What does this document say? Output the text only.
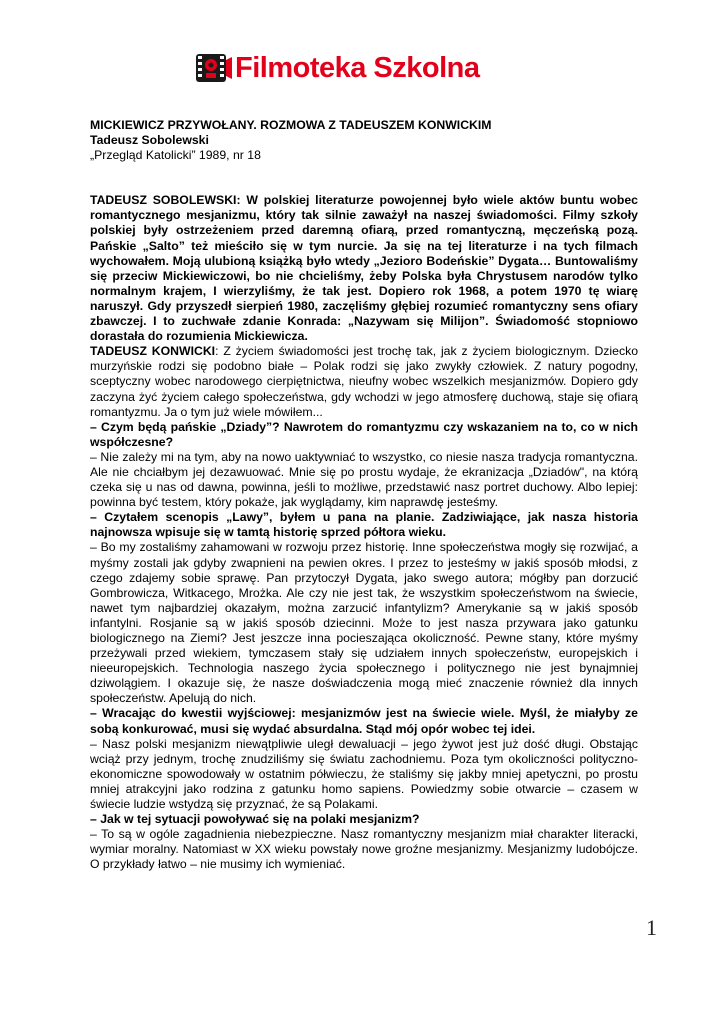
Filmoteka Szkolna
MICKIEWICZ PRZYWOŁANY. ROZMOWA Z TADEUSZEM KONWICKIM
Tadeusz Sobolewski
„Przegląd Katolicki” 1989, nr 18

TADEUSZ SOBOLEWSKI: W polskiej literaturze powojennej było wiele aktów buntu wobec romantycznego mesjanizmu, który tak silnie zaważył na naszej świadomości. Filmy szkoły polskiej były ostrzeżeniem przed daremną ofiarą, przed romantyczną, męczeńską pozą. Pańskie „Salto” też mieściło się w tym nurcie. Ja się na tej literaturze i na tych filmach wychowałem. Moją ulubioną książką było wtedy „Jezioro Bodeńskie” Dygata… Buntowaliśmy się przeciw Mickiewiczowi, bo nie chcieliśmy, żeby Polska była Chrystusem narodów tylko normalnym krajem, I wierzyliśmy, że tak jest. Dopiero rok 1968, a potem 1970 tę wiarę naruszył. Gdy przyszedł sierpień 1980, zaczęliśmy głębiej rozumieć romantyczny sens ofiary zbawczej. I to zuchwałe zdanie Konrada: „Nazywam się Milijon”. Świadomość stopniowo dorastała do rozumienia Mickiewicza.

TADEUSZ KONWICKI: Z życiem świadomości jest trochę tak, jak z życiem biologicznym. Dziecko murzyńskie rodzi się podobno białe – Polak rodzi się jako zwykły człowiek. Z natury pogodny, sceptyczny wobec narodowego cierpiętnictwa, nieufny wobec wszelkich mesjanizmów. Dopiero gdy zaczyna żyć życiem całego społeczeństwa, gdy wchodzi w jego atmosferę duchową, staje się ofiarą romantyzmu. Ja o tym już wiele mówiłem...

– Czym będą pańskie „Dziady”? Nawrotem do romantyzmu czy wskazaniem na to, co w nich współczesne?

– Nie zależy mi na tym, aby na nowo uaktywniać to wszystko, co niesie nasza tradycja romantyczna. Ale nie chciałbym jej dezawuować. Mnie się po prostu wydaje, że ekranizacja „Dziadów", na którą czeka się u nas od dawna, powinna, jeśli to możliwe, przedstawić nasz portret duchowy. Albo lepiej: powinna być testem, który pokaże, jak wyglądamy, kim naprawdę jesteśmy.

– Czytałem scenopis „Lawy”, byłem u pana na planie. Zadziwiające, jak nasza historia najnowsza wpisuje się w tamtą historię sprzed półtora wieku.

– Bo my zostaliśmy zahamowani w rozwoju przez historię. Inne społeczeństwa mogły się rozwijać, a myśmy zostali jak gdyby zwapnieni na pewien okres. I przez to jesteśmy w jakiś sposób młodsi, z czego zdajemy sobie sprawę. Pan przytoczył Dygata, jako swego autora; mógłby pan dorzucić Gombrowicza, Witkacego, Mrożka. Ale czy nie jest tak, że wszystkim społeczeństwom na świecie, nawet tym najbardziej okazałym, można zarzucić infantylizm? Amerykanie są w jakiś sposób infantylni. Rosjanie są w jakiś sposób dziecinni. Może to jest nasza przywara jako gatunku biologicznego na Ziemi? Jest jeszcze inna pocieszająca okoliczność. Pewne stany, które myśmy przeżywali przed wiekiem, tymczasem stały się udziałem innych społeczeństw, europejskich i nieeuropejskich. Technologia naszego życia społecznego i politycznego nie jest bynajmniej dziwolągiem. I okazuje się, że nasze doświadczenia mogą mieć znaczenie również dla innych społeczeństw. Apelują do nich.

– Wracając do kwestii wyjściowej: mesjanizmów jest na świecie wiele. Myśl, że miałyby ze sobą konkurować, musi się wydać absurdalna. Stąd mój opór wobec tej idei.

– Nasz polski mesjanizm niewątpliwie uległ dewaluacji – jego żywot jest już dość długi. Obstając wciąż przy jednym, trochę znudziliśmy się światu zachodniemu. Poza tym okoliczności polityczno-ekonomiczne spowodowały w ostatnim półwieczu, że staliśmy się jakby mniej apetyczni, po prostu mniej atrakcyjni jako rodzina z gatunku homo sapiens. Powiedzmy sobie otwarcie – czasem w świecie ludzie wstydzą się przyznać, że są Polakami.

– Jak w tej sytuacji powoływać się na polaki mesjanizm?

– To są w ogóle zagadnienia niebezpieczne. Nasz romantyczny mesjanizm miał charakter literacki, wymiar moralny. Natomiast w XX wieku powstały nowe groźne mesjanizmy. Mesjanizmy ludobójcze. O przykłady łatwo – nie musimy ich wymieniać.

1
